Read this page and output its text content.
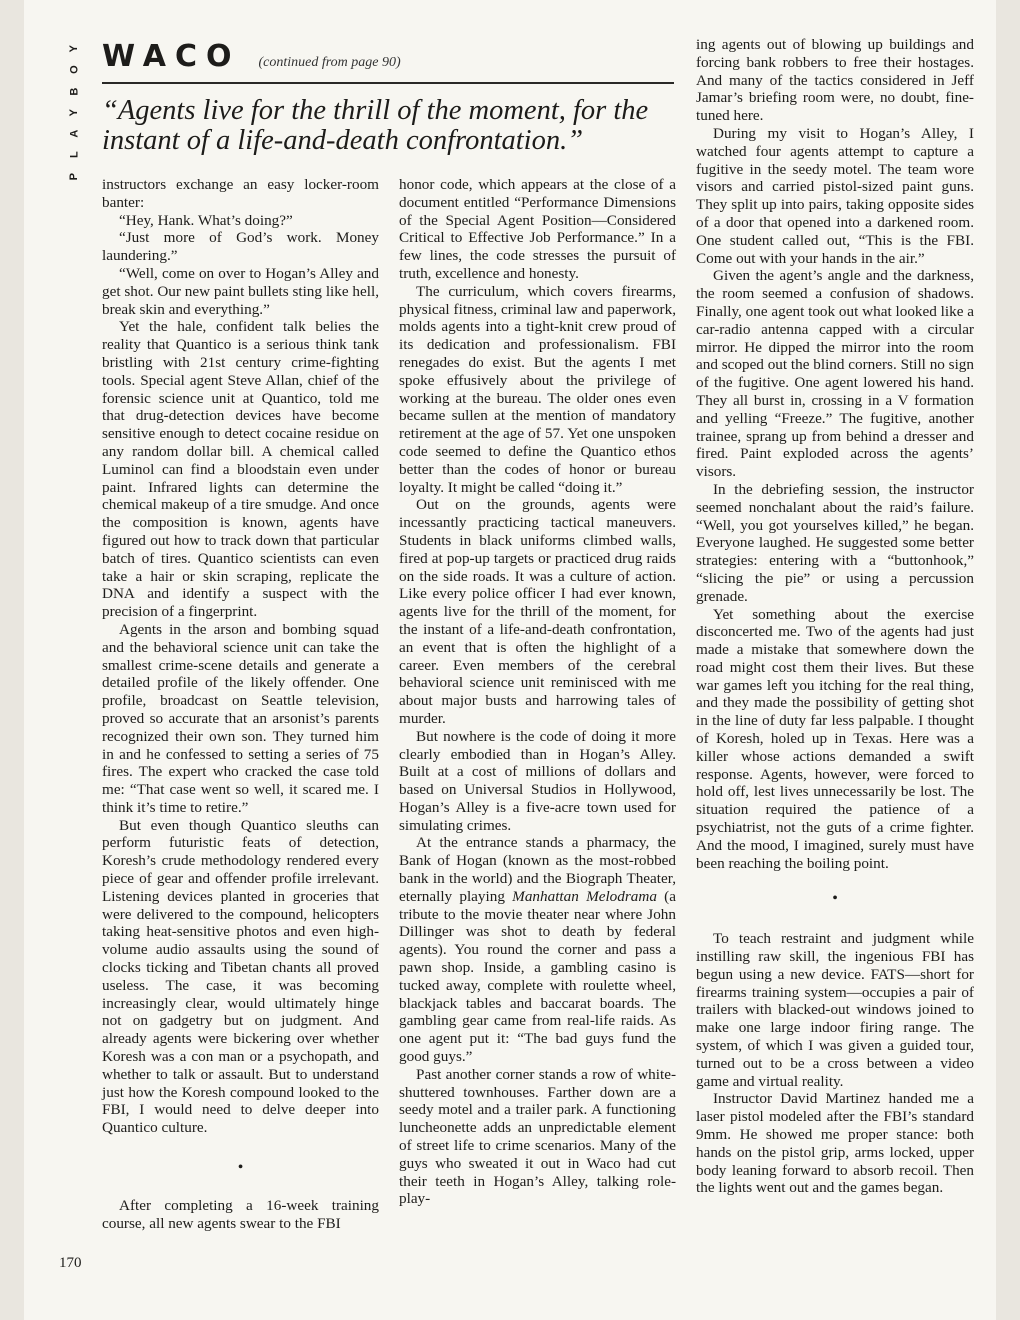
Y
O
B
Y
A
L
P
WACO (continued from page 90)
“Agents live for the thrill of the moment, for the instant of a life-and-death confrontation.”

instructors exchange an easy locker-room banter:

“Hey, Hank. What’s doing?”

“Just more of God’s work. Money laundering.”

“Well, come on over to Hogan’s Alley and get shot. Our new paint bullets sting like hell, break skin and everything.”

Yet the hale, confident talk belies the reality that Quantico is a serious think tank bristling with 21st century crime-fighting tools. Special agent Steve Allan, chief of the forensic science unit at Quantico, told me that drug-detection devices have become sensitive enough to detect cocaine residue on any random dollar bill. A chemical called Luminol can find a bloodstain even under paint. Infrared lights can determine the chemical makeup of a tire smudge. And once the composition is known, agents have figured out how to track down that particular batch of tires. Quantico scientists can even take a hair or skin scraping, replicate the DNA and identify a suspect with the precision of a fingerprint.

Agents in the arson and bombing squad and the behavioral science unit can take the smallest crime-scene details and generate a detailed profile of the likely offender. One profile, broadcast on Seattle television, proved so accurate that an arsonist’s parents recognized their own son. They turned him in and he confessed to setting a series of 75 fires. The expert who cracked the case told me: “That case went so well, it scared me. I think it’s time to retire.”

But even though Quantico sleuths can perform futuristic feats of detection, Koresh’s crude methodology rendered every piece of gear and offender profile irrelevant. Listening devices planted in groceries that were delivered to the compound, helicopters taking heat-sensitive photos and even high-volume audio assaults using the sound of clocks ticking and Tibetan chants all proved useless. The case, it was becoming increasingly clear, would ultimately hinge not on gadgetry but on judgment. And already agents were bickering over whether Koresh was a con man or a psychopath, and whether to talk or assault. But to understand just how the Koresh compound looked to the FBI, I would need to delve deeper into Quantico culture.

•

After completing a 16-week training course, all new agents swear to the FBI

honor code, which appears at the close of a document entitled “Performance Dimensions of the Special Agent Position—Considered Critical to Effective Job Performance.” In a few lines, the code stresses the pursuit of truth, excellence and honesty.

The curriculum, which covers firearms, physical fitness, criminal law and paperwork, molds agents into a tight-knit crew proud of its dedication and professionalism. FBI renegades do exist. But the agents I met spoke effusively about the privilege of working at the bureau. The older ones even became sullen at the mention of mandatory retirement at the age of 57. Yet one unspoken code seemed to define the Quantico ethos better than the codes of honor or bureau loyalty. It might be called “doing it.”

Out on the grounds, agents were incessantly practicing tactical maneuvers. Students in black uniforms climbed walls, fired at pop-up targets or practiced drug raids on the side roads. It was a culture of action. Like every police officer I had ever known, agents live for the thrill of the moment, for the instant of a life-and-death confrontation, an event that is often the highlight of a career. Even members of the cerebral behavioral science unit reminisced with me about major busts and harrowing tales of murder.

But nowhere is the code of doing it more clearly embodied than in Hogan’s Alley. Built at a cost of millions of dollars and based on Universal Studios in Hollywood, Hogan’s Alley is a five-acre town used for simulating crimes.

At the entrance stands a pharmacy, the Bank of Hogan (known as the most-robbed bank in the world) and the Biograph Theater, eternally playing Manhattan Melodrama (a tribute to the movie theater near where John Dillinger was shot to death by federal agents). You round the corner and pass a pawn shop. Inside, a gambling casino is tucked away, complete with roulette wheel, blackjack tables and baccarat boards. The gambling gear came from real-life raids. As one agent put it: “The bad guys fund the good guys.”

Past another corner stands a row of white-shuttered townhouses. Farther down are a seedy motel and a trailer park. A functioning luncheonette adds an unpredictable element of street life to crime scenarios. Many of the guys who sweated it out in Waco had cut their teeth in Hogan’s Alley, talking role-play-

ing agents out of blowing up buildings and forcing bank robbers to free their hostages. And many of the tactics considered in Jeff Jamar’s briefing room were, no doubt, fine-tuned here.

During my visit to Hogan’s Alley, I watched four agents attempt to capture a fugitive in the seedy motel. The team wore visors and carried pistol-sized paint guns. They split up into pairs, taking opposite sides of a door that opened into a darkened room. One student called out, “This is the FBI. Come out with your hands in the air.”

Given the agent’s angle and the darkness, the room seemed a confusion of shadows. Finally, one agent took out what looked like a car-radio antenna capped with a circular mirror. He dipped the mirror into the room and scoped out the blind corners. Still no sign of the fugitive. One agent lowered his hand. They all burst in, crossing in a V formation and yelling “Freeze.” The fugitive, another trainee, sprang up from behind a dresser and fired. Paint exploded across the agents’ visors.

In the debriefing session, the instructor seemed nonchalant about the raid’s failure. “Well, you got yourselves killed,” he began. Everyone laughed. He suggested some better strategies: entering with a “buttonhook,” “slicing the pie” or using a percussion grenade.

Yet something about the exercise disconcerted me. Two of the agents had just made a mistake that somewhere down the road might cost them their lives. But these war games left you itching for the real thing, and they made the possibility of getting shot in the line of duty far less palpable. I thought of Koresh, holed up in Texas. Here was a killer whose actions demanded a swift response. Agents, however, were forced to hold off, lest lives unnecessarily be lost. The situation required the patience of a psychiatrist, not the guts of a crime fighter. And the mood, I imagined, surely must have been reaching the boiling point.

•

To teach restraint and judgment while instilling raw skill, the ingenious FBI has begun using a new device. FATS—short for firearms training system—occupies a pair of trailers with blacked-out windows joined to make one large indoor firing range. The system, of which I was given a guided tour, turned out to be a cross between a video game and virtual reality.

Instructor David Martinez handed me a laser pistol modeled after the FBI’s standard 9mm. He showed me proper stance: both hands on the pistol grip, arms locked, upper body leaning forward to absorb recoil. Then the lights went out and the games began.

170
